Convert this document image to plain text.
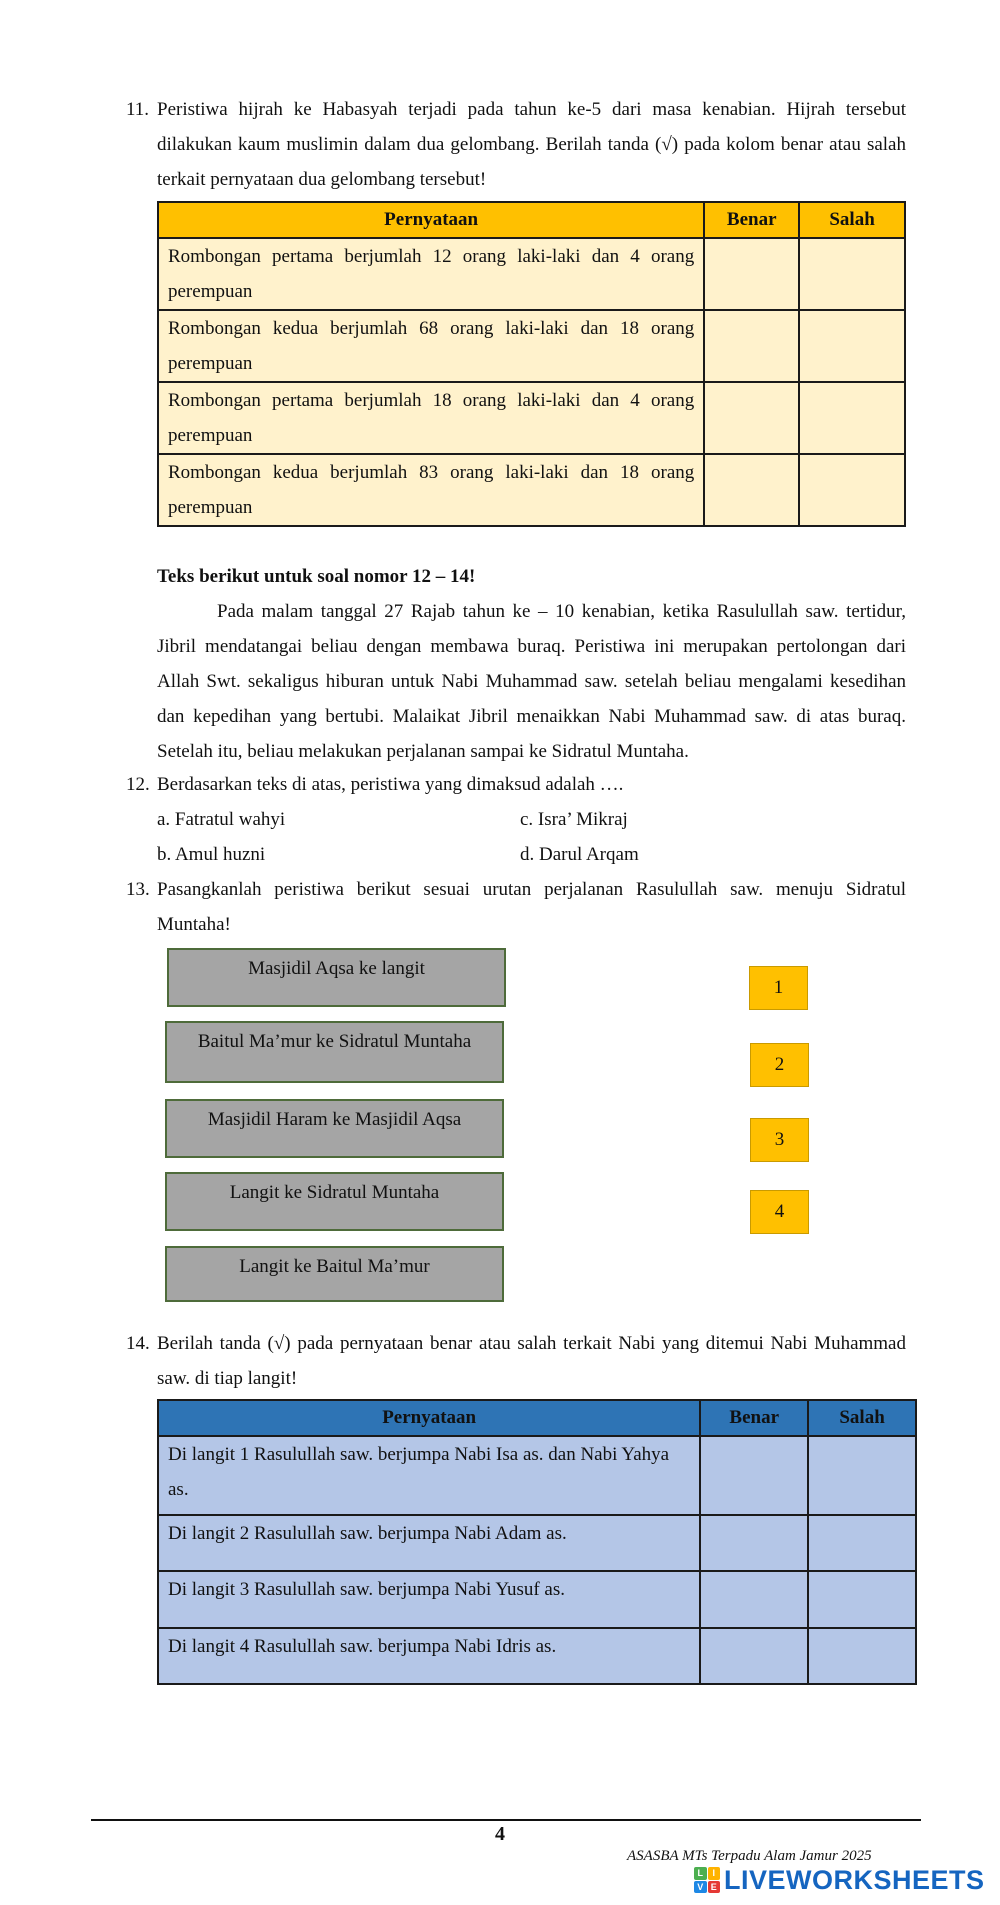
11. Peristiwa hijrah ke Habasyah terjadi pada tahun ke-5 dari masa kenabian. Hijrah tersebut dilakukan kaum muslimin dalam dua gelombang. Berilah tanda (√) pada kolom benar atau salah terkait pernyataan dua gelombang tersebut!
Pernyataan	Benar	Salah
Rombongan pertama berjumlah 12 orang laki-laki dan 4 orang perempuan		
Rombongan kedua berjumlah 68 orang laki-laki dan 18 orang perempuan		
Rombongan pertama berjumlah 18 orang laki-laki dan 4 orang perempuan		
Rombongan kedua berjumlah 83 orang laki-laki dan 18 orang perempuan		
Teks berikut untuk soal nomor 12 – 14!
Pada malam tanggal 27 Rajab tahun ke – 10 kenabian, ketika Rasulullah saw. tertidur, Jibril mendatangai beliau dengan membawa buraq. Peristiwa ini merupakan pertolongan dari Allah Swt. sekaligus hiburan untuk Nabi Muhammad saw. setelah beliau mengalami kesedihan dan kepedihan yang bertubi. Malaikat Jibril menaikkan Nabi Muhammad saw. di atas buraq. Setelah itu, beliau melakukan perjalanan sampai ke Sidratul Muntaha.
12. Berdasarkan teks di atas, peristiwa yang dimaksud adalah ….
a. Fatratul wahyi
b. Amul huzni
c. Isra’ Mikraj
d. Darul Arqam
13. Pasangkanlah peristiwa berikut sesuai urutan perjalanan Rasulullah saw. menuju Sidratul Muntaha!
Masjidil Aqsa ke langit
Baitul Ma’mur ke Sidratul Muntaha
Masjidil Haram ke Masjidil Aqsa
Langit ke Sidratul Muntaha
Langit ke Baitul Ma’mur
1
2
3
4
14. Berilah tanda (√) pada pernyataan benar atau salah terkait Nabi yang ditemui Nabi Muhammad saw. di tiap langit!
Pernyataan	Benar	Salah
Di langit 1 Rasulullah saw. berjumpa Nabi Isa as. dan Nabi Yahya as.		
Di langit 2 Rasulullah saw. berjumpa Nabi Adam as.		
Di langit 3 Rasulullah saw. berjumpa Nabi Yusuf as.		
Di langit 4 Rasulullah saw. berjumpa Nabi Idris as.		
4
ASASBA MTs Terpadu Alam Jamur 2025
L	I
V E LIVEWORKSHEETS
